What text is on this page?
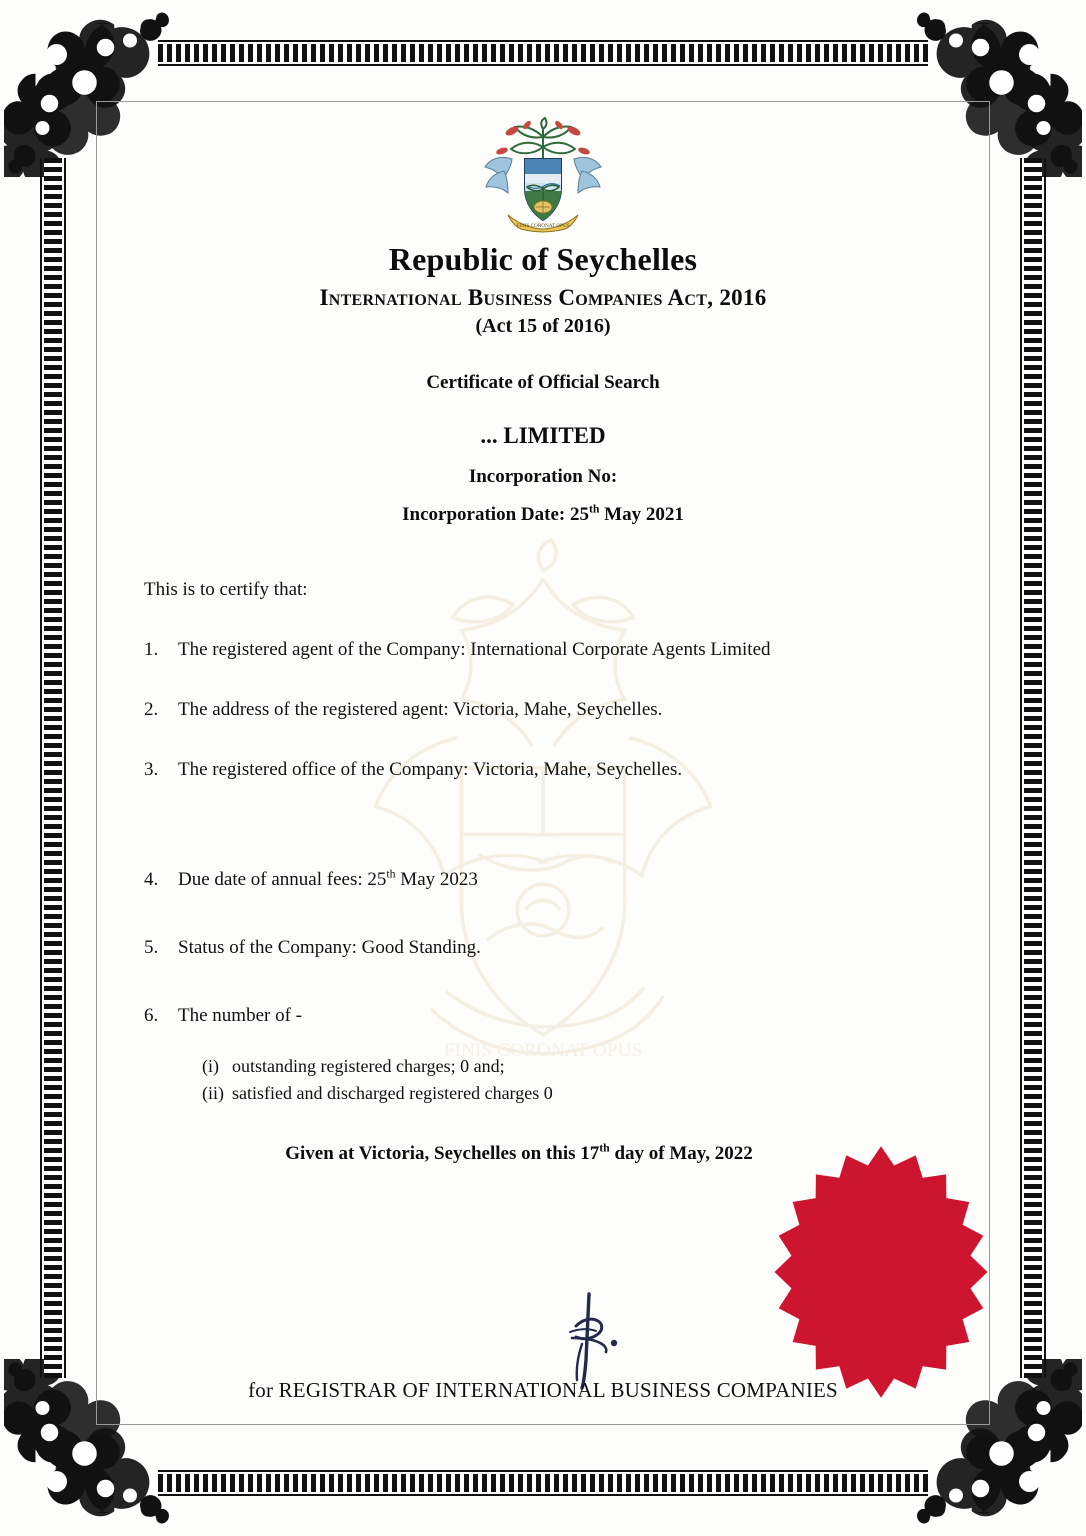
FINIS CORONAT OPUS
FINIS CORONAT OPUS
Republic of Seychelles
International Business Companies Act, 2016
(Act 15 of 2016)
Certificate of Official Search
... LIMITED
Incorporation No:
Incorporation Date: 25th May 2021
This is to certify that:
1.	The registered agent of the Company: International Corporate Agents Limited
2.	The address of the registered agent: Victoria, Mahe, Seychelles.
3.	The registered office of the Company: Victoria, Mahe, Seychelles.
4.	Due date of annual fees: 25th May 2023
5.	Status of the Company: Good Standing.
6.	The number of -
(i) outstanding registered charges; 0 and;
(ii) satisfied and discharged registered charges 0
Given at Victoria, Seychelles on this 17th day of May, 2022
for REGISTRAR OF INTERNATIONAL BUSINESS COMPANIES
